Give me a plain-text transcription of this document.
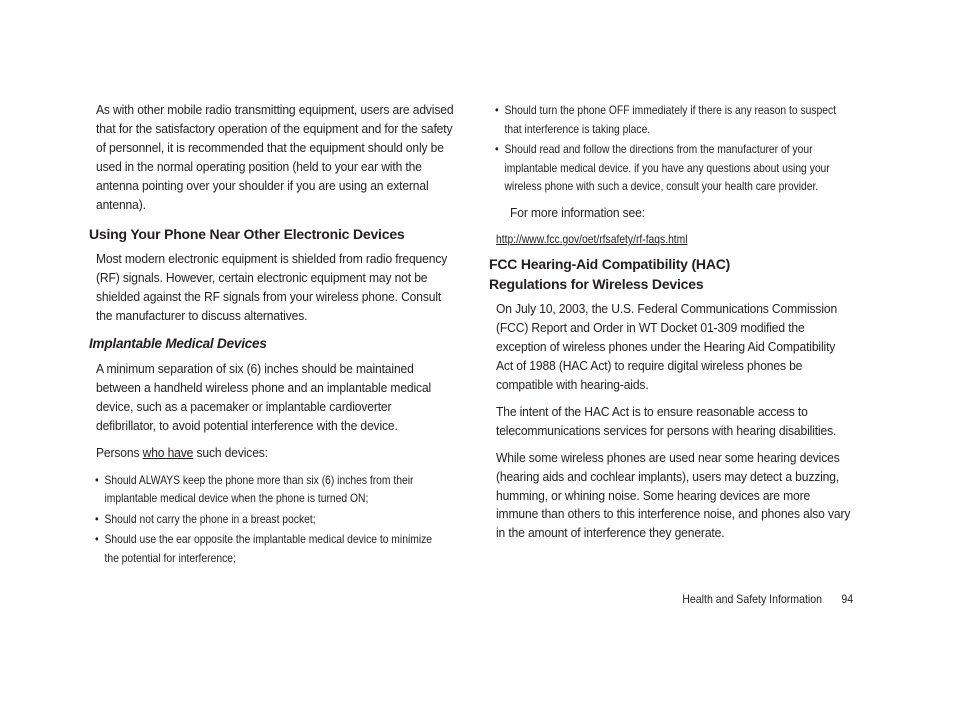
As with other mobile radio transmitting equipment, users are advised that for the satisfactory operation of the equipment and for the safety of personnel, it is recommended that the equipment should only be used in the normal operating position (held to your ear with the antenna pointing over your shoulder if you are using an external antenna).

Using Your Phone Near Other Electronic Devices

Most modern electronic equipment is shielded from radio frequency (RF) signals. However, certain electronic equipment may not be shielded against the RF signals from your wireless phone. Consult the manufacturer to discuss alternatives.

Implantable Medical Devices

A minimum separation of six (6) inches should be maintained between a handheld wireless phone and an implantable medical device, such as a pacemaker or implantable cardioverter defibrillator, to avoid potential interference with the device.

Persons who have such devices:

• Should ALWAYS keep the phone more than six (6) inches from their implantable medical device when the phone is turned ON;
• Should not carry the phone in a breast pocket;
• Should use the ear opposite the implantable medical device to minimize the potential for interference;
• Should turn the phone OFF immediately if there is any reason to suspect that interference is taking place.
• Should read and follow the directions from the manufacturer of your implantable medical device. if you have any questions about using your wireless phone with such a device, consult your health care provider.

For more information see:

http://www.fcc.gov/oet/rfsafety/rf-faqs.html

FCC Hearing-Aid Compatibility (HAC)
Regulations for Wireless Devices

On July 10, 2003, the U.S. Federal Communications Commission (FCC) Report and Order in WT Docket 01-309 modified the exception of wireless phones under the Hearing Aid Compatibility Act of 1988 (HAC Act) to require digital wireless phones be compatible with hearing-aids.

The intent of the HAC Act is to ensure reasonable access to telecommunications services for persons with hearing disabilities.

While some wireless phones are used near some hearing devices (hearing aids and cochlear implants), users may detect a buzzing, humming, or whining noise. Some hearing devices are more immune than others to this interference noise, and phones also vary in the amount of interference they generate.

Health and Safety Information 94
